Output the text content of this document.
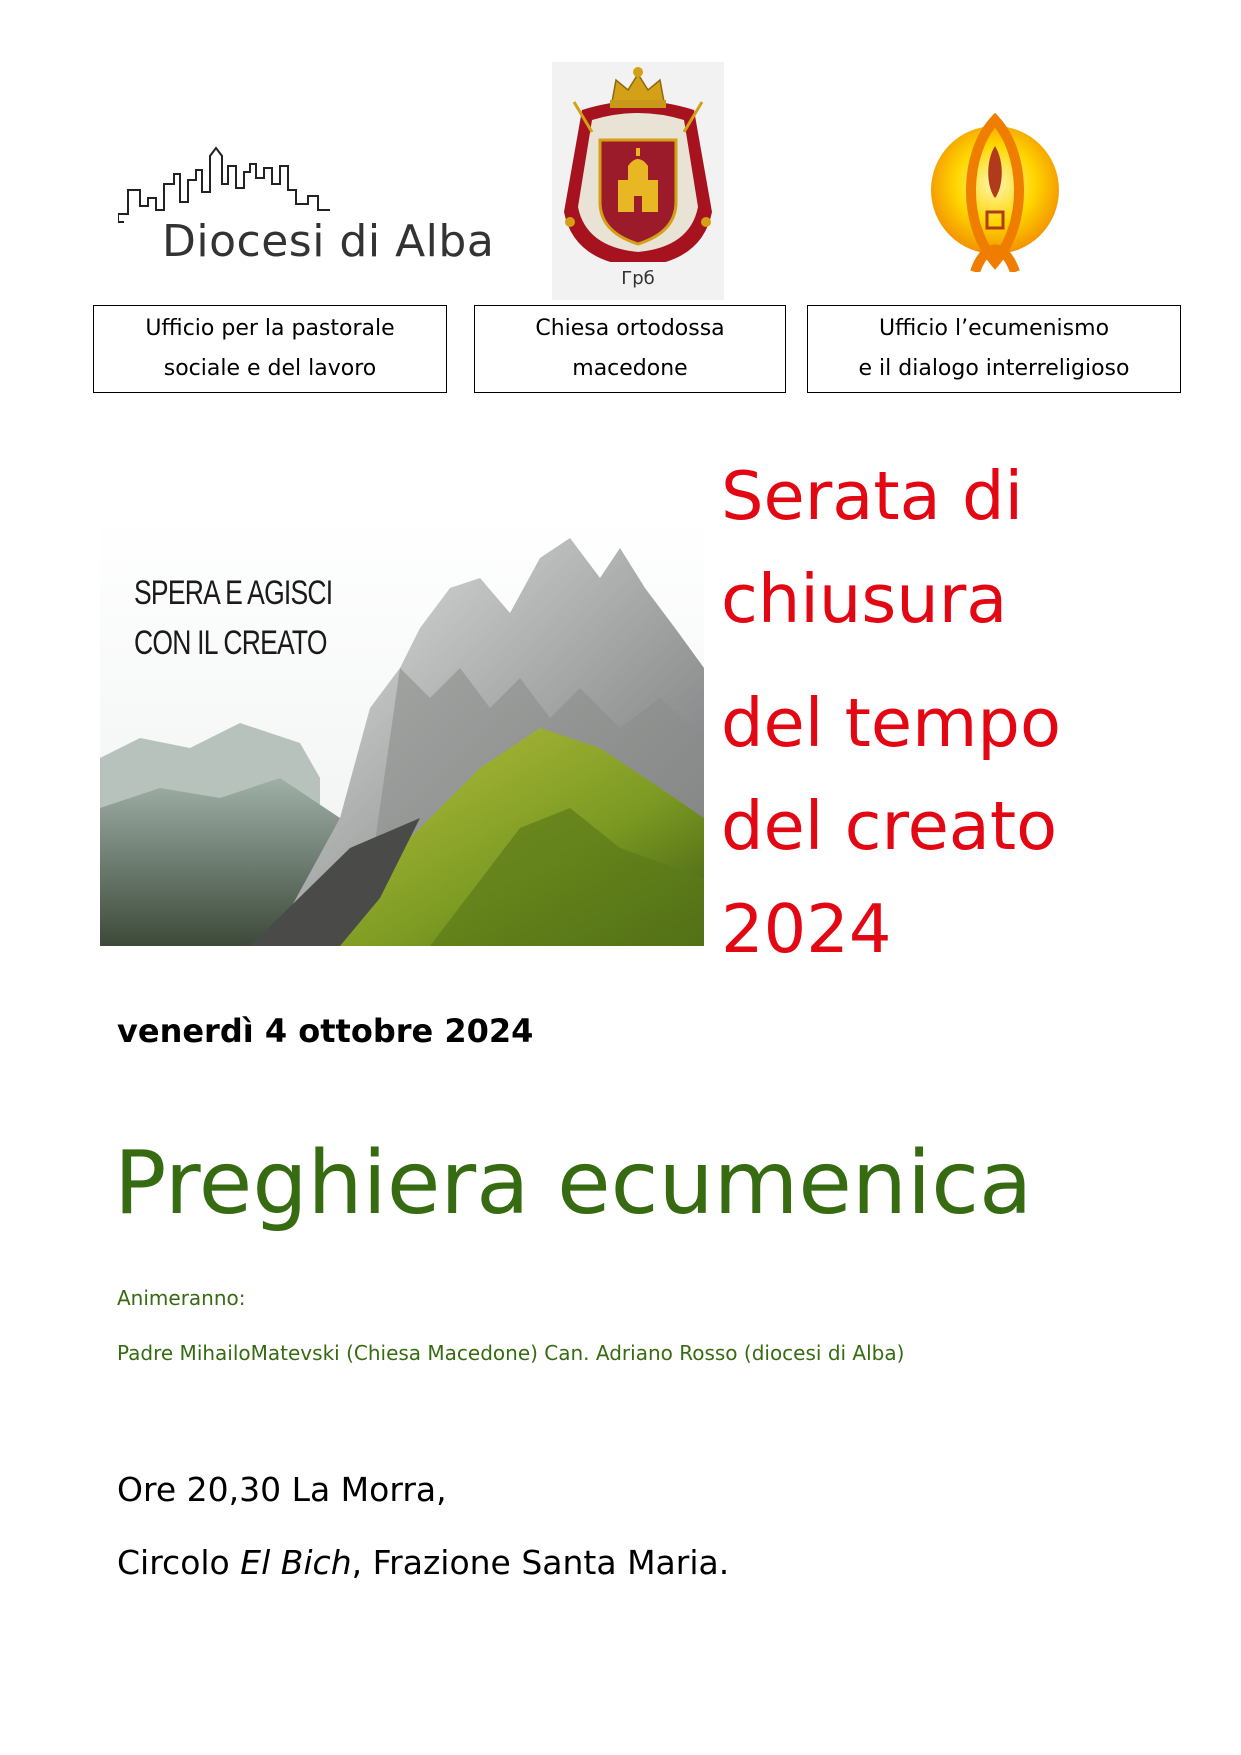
Diocesi di Alba
Грб
Ufficio per la pastorale
sociale e del lavoro
Chiesa ortodossa
macedone
Ufficio l’ecumenismo
e il dialogo interreligioso
SPERA E AGISCI
CON IL CREATO
Serata di
chiusura
del tempo
del creato
2024
venerdì 4 ottobre 2024
Preghiera ecumenica
Animeranno:
Padre MihailoMatevski (Chiesa Macedone) Can. Adriano Rosso (diocesi di Alba)
Ore 20,30 La Morra,
Circolo El Bich, Frazione Santa Maria.
